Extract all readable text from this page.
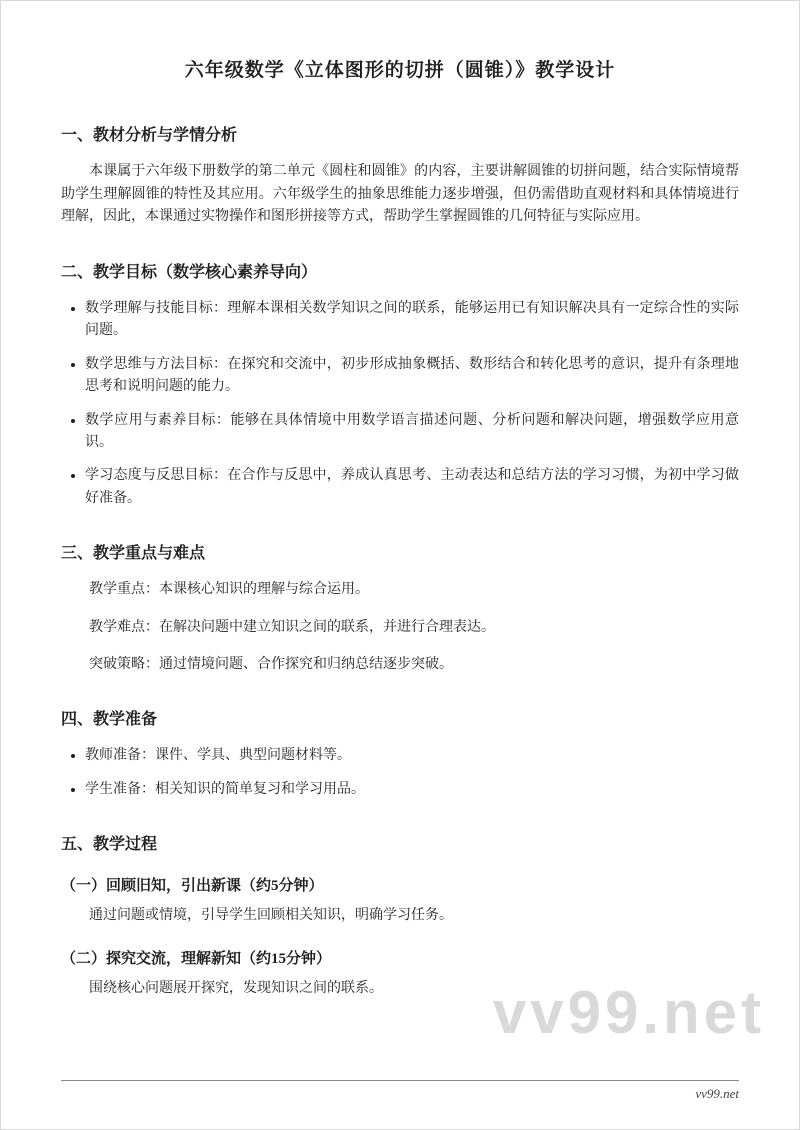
六年级数学《立体图形的切拼（圆锥）》教学设计
一、教材分析与学情分析

本课属于六年级下册数学的第二单元《圆柱和圆锥》的内容，主要讲解圆锥的切拼问题，结合实际情境帮助学生理解圆锥的特性及其应用。六年级学生的抽象思维能力逐步增强，但仍需借助直观材料和具体情境进行理解，因此，本课通过实物操作和图形拼接等方式，帮助学生掌握圆锥的几何特征与实际应用。

二、教学目标（数学核心素养导向）
• 数学理解与技能目标：理解本课相关数学知识之间的联系，能够运用已有知识解决具有一定综合性的实际问题。
• 数学思维与方法目标：在探究和交流中，初步形成抽象概括、数形结合和转化思考的意识，提升有条理地思考和说明问题的能力。
• 数学应用与素养目标：能够在具体情境中用数学语言描述问题、分析问题和解决问题，增强数学应用意识。
• 学习态度与反思目标：在合作与反思中，养成认真思考、主动表达和总结方法的学习习惯，为初中学习做好准备。
三、教学重点与难点

教学重点：本课核心知识的理解与综合运用。

教学难点：在解决问题中建立知识之间的联系，并进行合理表达。

突破策略：通过情境问题、合作探究和归纳总结逐步突破。

四、教学准备
• 教师准备：课件、学具、典型问题材料等。
• 学生准备：相关知识的简单复习和学习用品。
五、教学过程
（一）回顾旧知，引出新课（约5分钟）

通过问题或情境，引导学生回顾相关知识，明确学习任务。

（二）探究交流，理解新知（约15分钟）

围绕核心问题展开探究，发现知识之间的联系。	vv99.net
vv99.net
